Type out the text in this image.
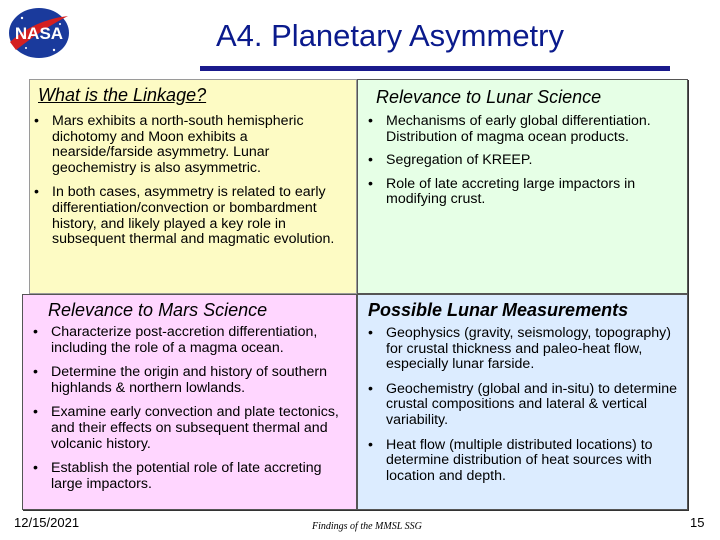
NASA	A4. Planetary Asymmetry
What is the Linkage?
• Mars exhibits a north-south hemispheric dichotomy and Moon exhibits a nearside/farside asymmetry. Lunar geochemistry is also asymmetric.
• In both cases, asymmetry is related to early differentiation/convection or bombardment history, and likely played a key role in subsequent thermal and magmatic evolution.
Relevance to Lunar Science
• Mechanisms of early global differentiation. Distribution of magma ocean products.
• Segregation of KREEP.
• Role of late accreting large impactors in modifying crust.
Relevance to Mars Science
• Characterize post-accretion differentiation, including the role of a magma ocean.
• Determine the origin and history of southern highlands & northern lowlands.
• Examine early convection and plate tectonics, and their effects on subsequent thermal and volcanic history.
• Establish the potential role of late accreting large impactors.
Possible Lunar Measurements
• Geophysics (gravity, seismology, topography) for crustal thickness and paleo-heat flow, especially lunar farside.
• Geochemistry (global and in-situ) to determine crustal compositions and lateral & vertical variability.
• Heat flow (multiple distributed locations) to determine distribution of heat sources with location and depth.
12/15/2021	Findings of the MMSL SSG	15
